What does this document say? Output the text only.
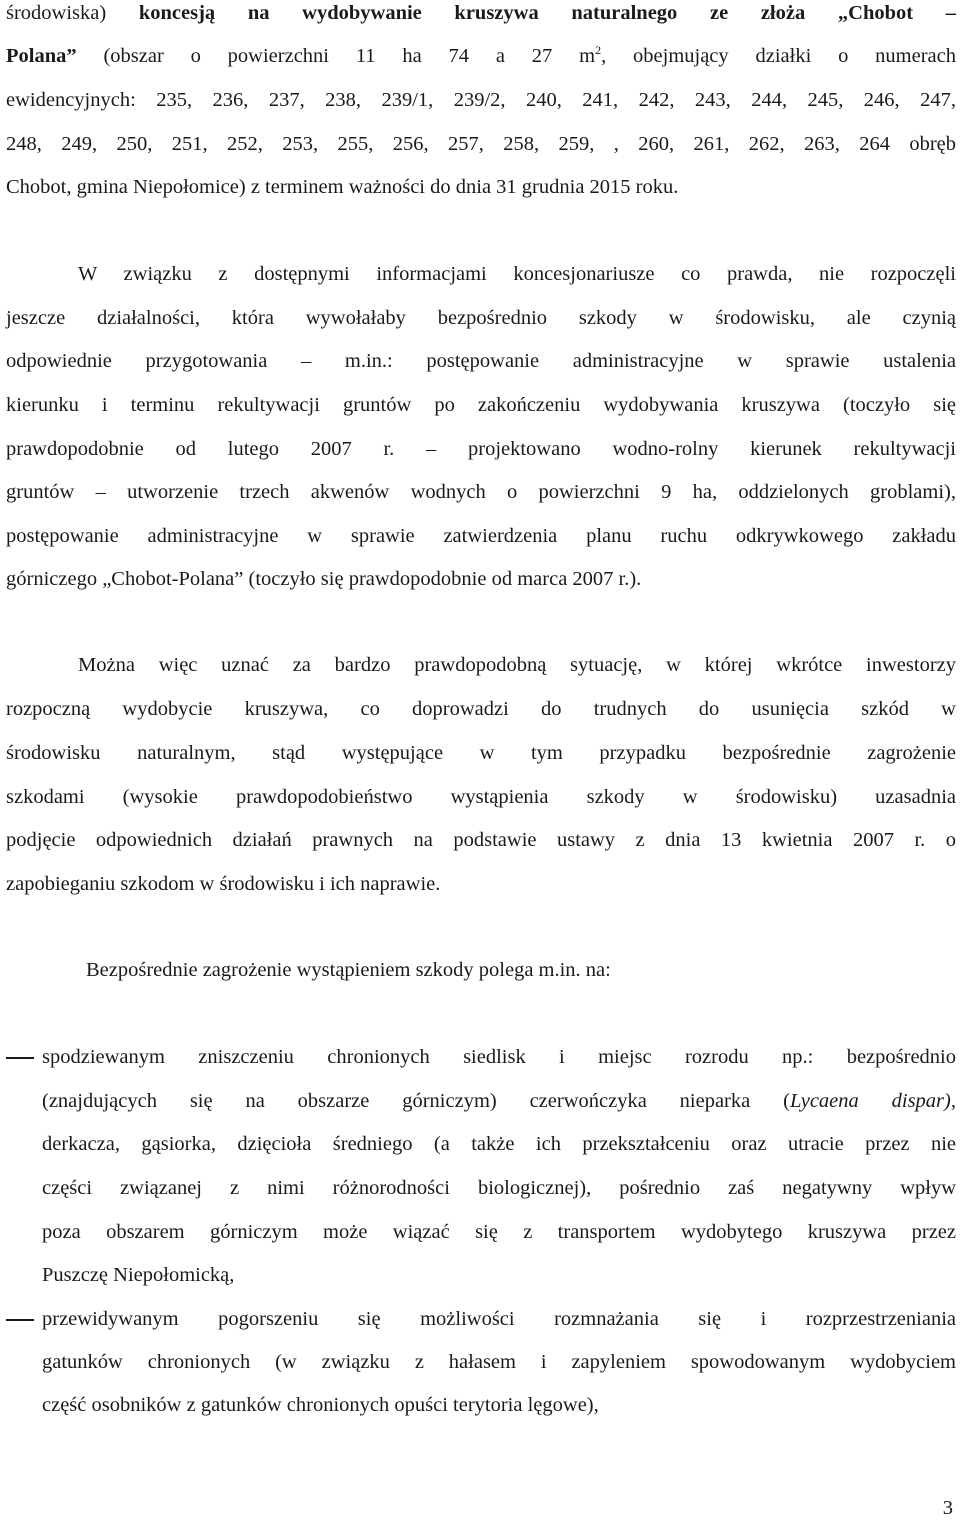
środowiska) koncesją na wydobywanie kruszywa naturalnego ze złoża „Chobot –
Polana” (obszar o powierzchni 11 ha 74 a 27 $m^2$, obejmujący działki o numerach
ewidencyjnych: 235, 236, 237, 238, 239/1, 239/2, 240, 241, 242, 243, 244, 245, 246, 247,
248, 249, 250, 251, 252, 253, 255, 256, 257, 258, 259, , 260, 261, 262, 263, 264 obręb
Chobot, gmina Niepołomice) z terminem ważności do dnia 31 grudnia 2015 roku.
W związku z dostępnymi informacjami koncesjonariusze co prawda, nie rozpoczęli
jeszcze działalności, która wywołałaby bezpośrednio szkody w środowisku, ale czynią
odpowiednie przygotowania – m.in.: postępowanie administracyjne w sprawie ustalenia
kierunku i terminu rekultywacji gruntów po zakończeniu wydobywania kruszywa (toczyło się
prawdopodobnie od lutego 2007 r. – projektowano wodno-rolny kierunek rekultywacji
gruntów – utworzenie trzech akwenów wodnych o powierzchni 9 ha, oddzielonych groblami),
postępowanie administracyjne w sprawie zatwierdzenia planu ruchu odkrywkowego zakładu
górniczego „Chobot-Polana” (toczyło się prawdopodobnie od marca 2007 r.).
Można więc uznać za bardzo prawdopodobną sytuację, w której wkrótce inwestorzy
rozpoczną wydobycie kruszywa, co doprowadzi do trudnych do usunięcia szkód w
środowisku naturalnym, stąd występujące w tym przypadku bezpośrednie zagrożenie
szkodami (wysokie prawdopodobieństwo wystąpienia szkody w środowisku) uzasadnia
podjęcie odpowiednich działań prawnych na podstawie ustawy z dnia 13 kwietnia 2007 r. o
zapobieganiu szkodom w środowisku i ich naprawie.
Bezpośrednie zagrożenie wystąpieniem szkody polega m.in. na:
spodziewanym zniszczeniu chronionych siedlisk i miejsc rozrodu np.: bezpośrednio
(znajdujących się na obszarze górniczym) czerwończyka nieparka (Lycaena dispar),
derkacza, gąsiorka, dzięcioła średniego (a także ich przekształceniu oraz utracie przez nie
części związanej z nimi różnorodności biologicznej), pośrednio zaś negatywny wpływ
poza obszarem górniczym może wiązać się z transportem wydobytego kruszywa przez
Puszczę Niepołomicką,
przewidywanym pogorszeniu się możliwości rozmnażania się i rozprzestrzeniania
gatunków chronionych (w związku z hałasem i zapyleniem spowodowanym wydobyciem
część osobników z gatunków chronionych opuści terytoria lęgowe),
3
